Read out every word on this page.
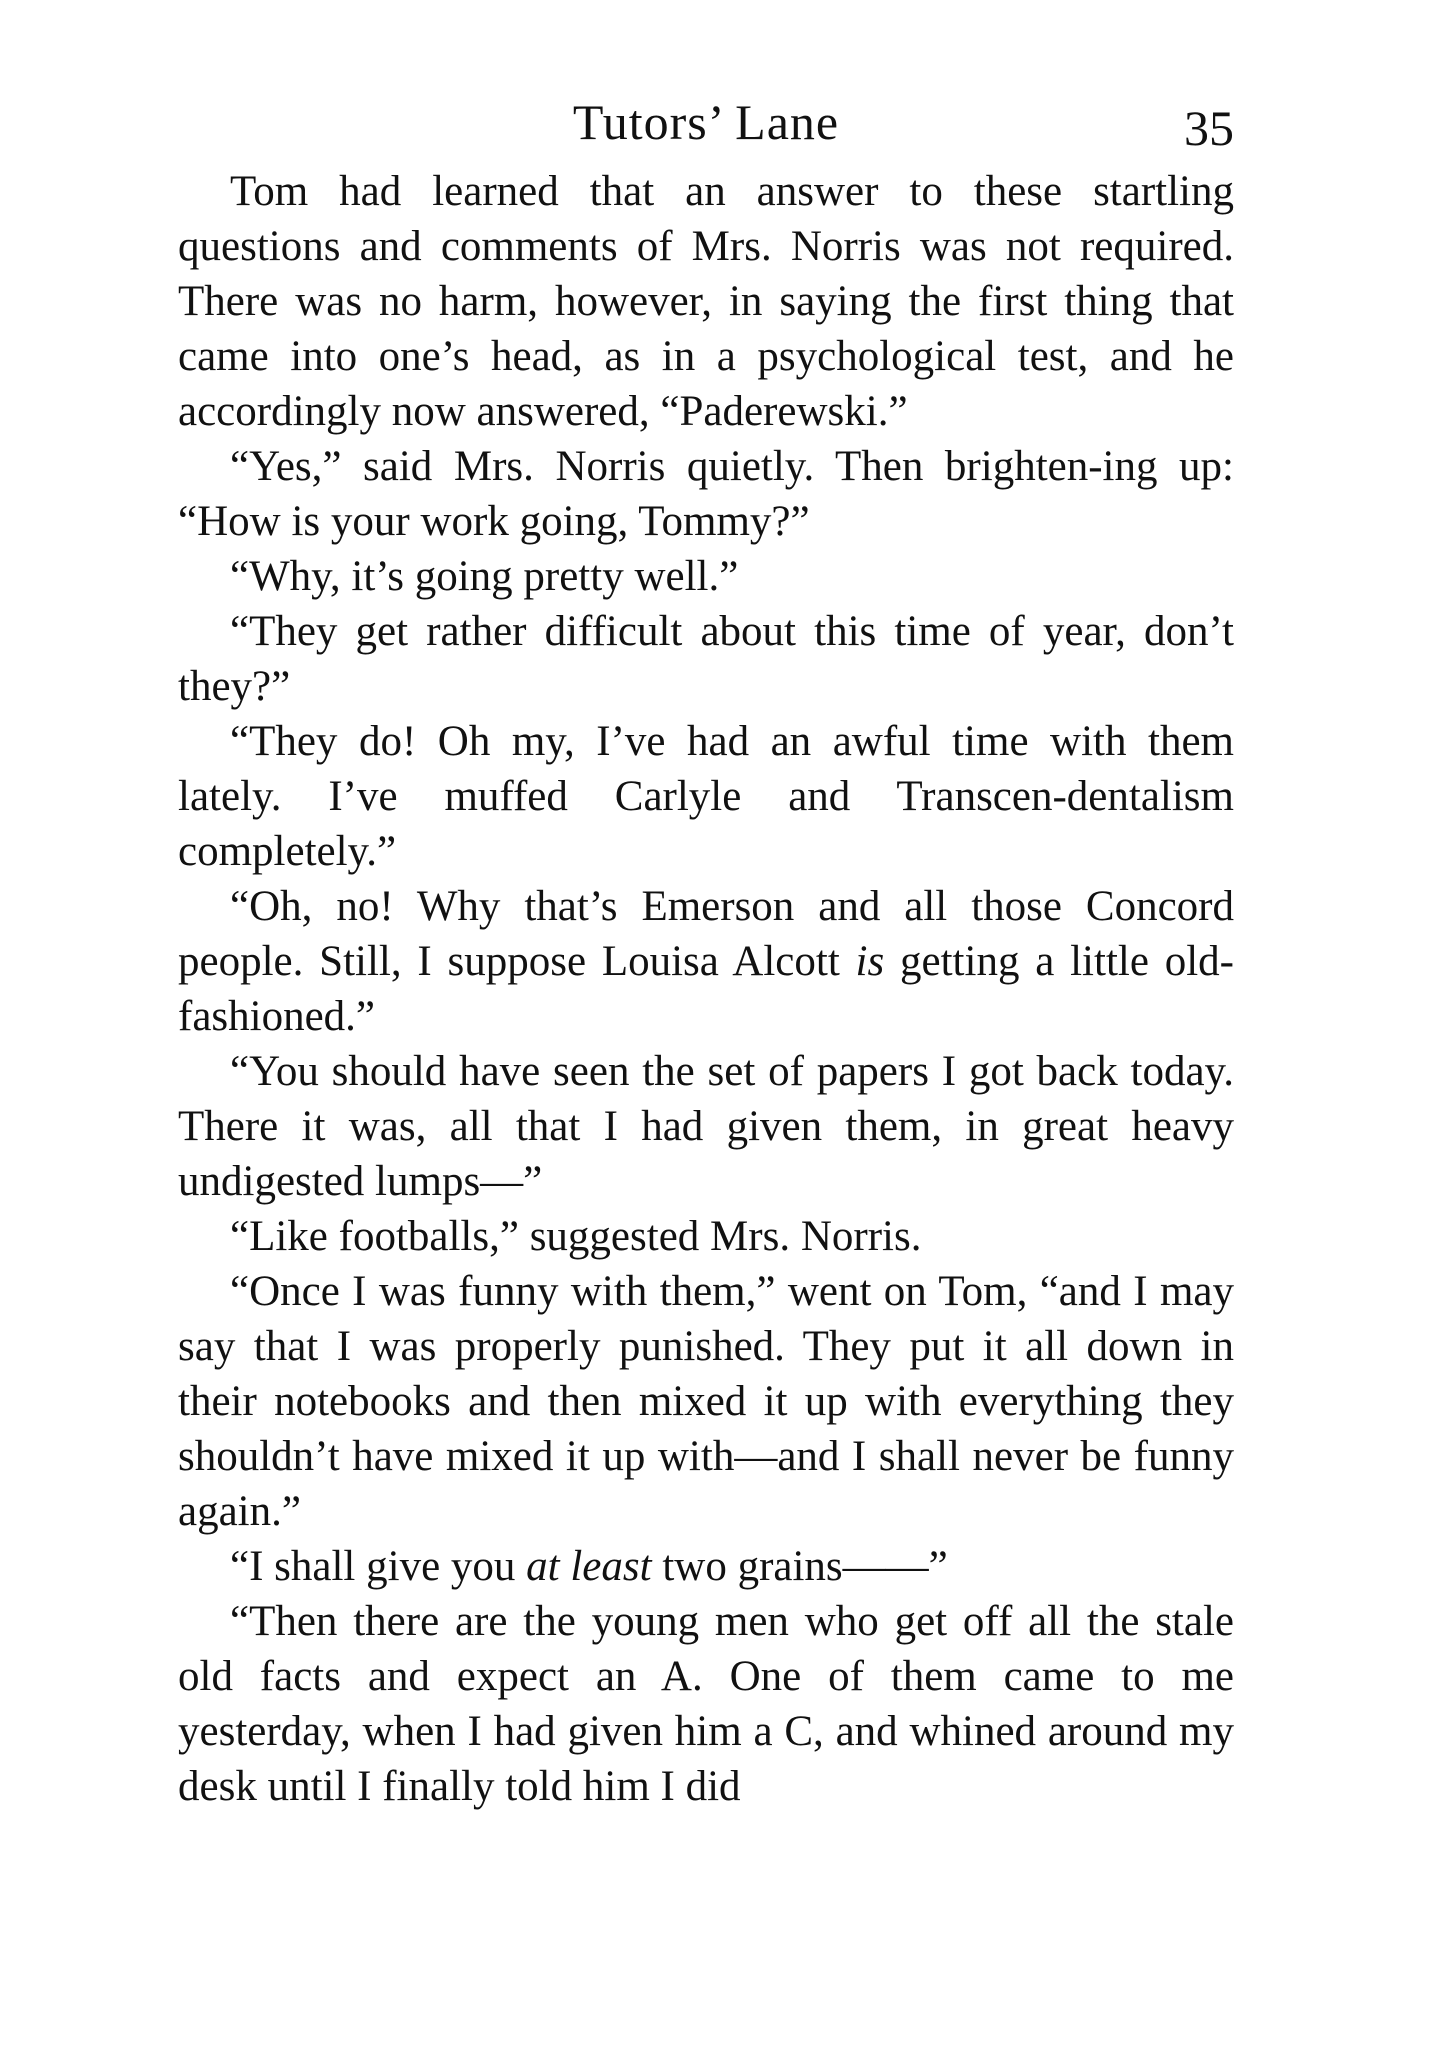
Tutors’ Lane	35

Tom had learned that an answer to these startling questions and comments of Mrs. Norris was not required. There was no harm, however, in saying the first thing that came into one’s head, as in a psychological test, and he accordingly now answered, “Paderewski.”

“Yes,” said Mrs. Norris quietly. Then brighten-ing up: “How is your work going, Tommy?”

“Why, it’s going pretty well.”

“They get rather difficult about this time of year, don’t they?”

“They do! Oh my, I’ve had an awful time with them lately. I’ve muffed Carlyle and Transcen-dentalism completely.”

“Oh, no! Why that’s Emerson and all those Concord people. Still, I suppose Louisa Alcott is getting a little old-fashioned.”

“You should have seen the set of papers I got back today. There it was, all that I had given them, in great heavy undigested lumps—”

“Like footballs,” suggested Mrs. Norris.

“Once I was funny with them,” went on Tom, “and I may say that I was properly punished. They put it all down in their notebooks and then mixed it up with everything they shouldn’t have mixed it up with—and I shall never be funny again.”

“I shall give you at least two grains——”

“Then there are the young men who get off all the stale old facts and expect an A. One of them came to me yesterday, when I had given him a C, and whined around my desk until I finally told him I did
